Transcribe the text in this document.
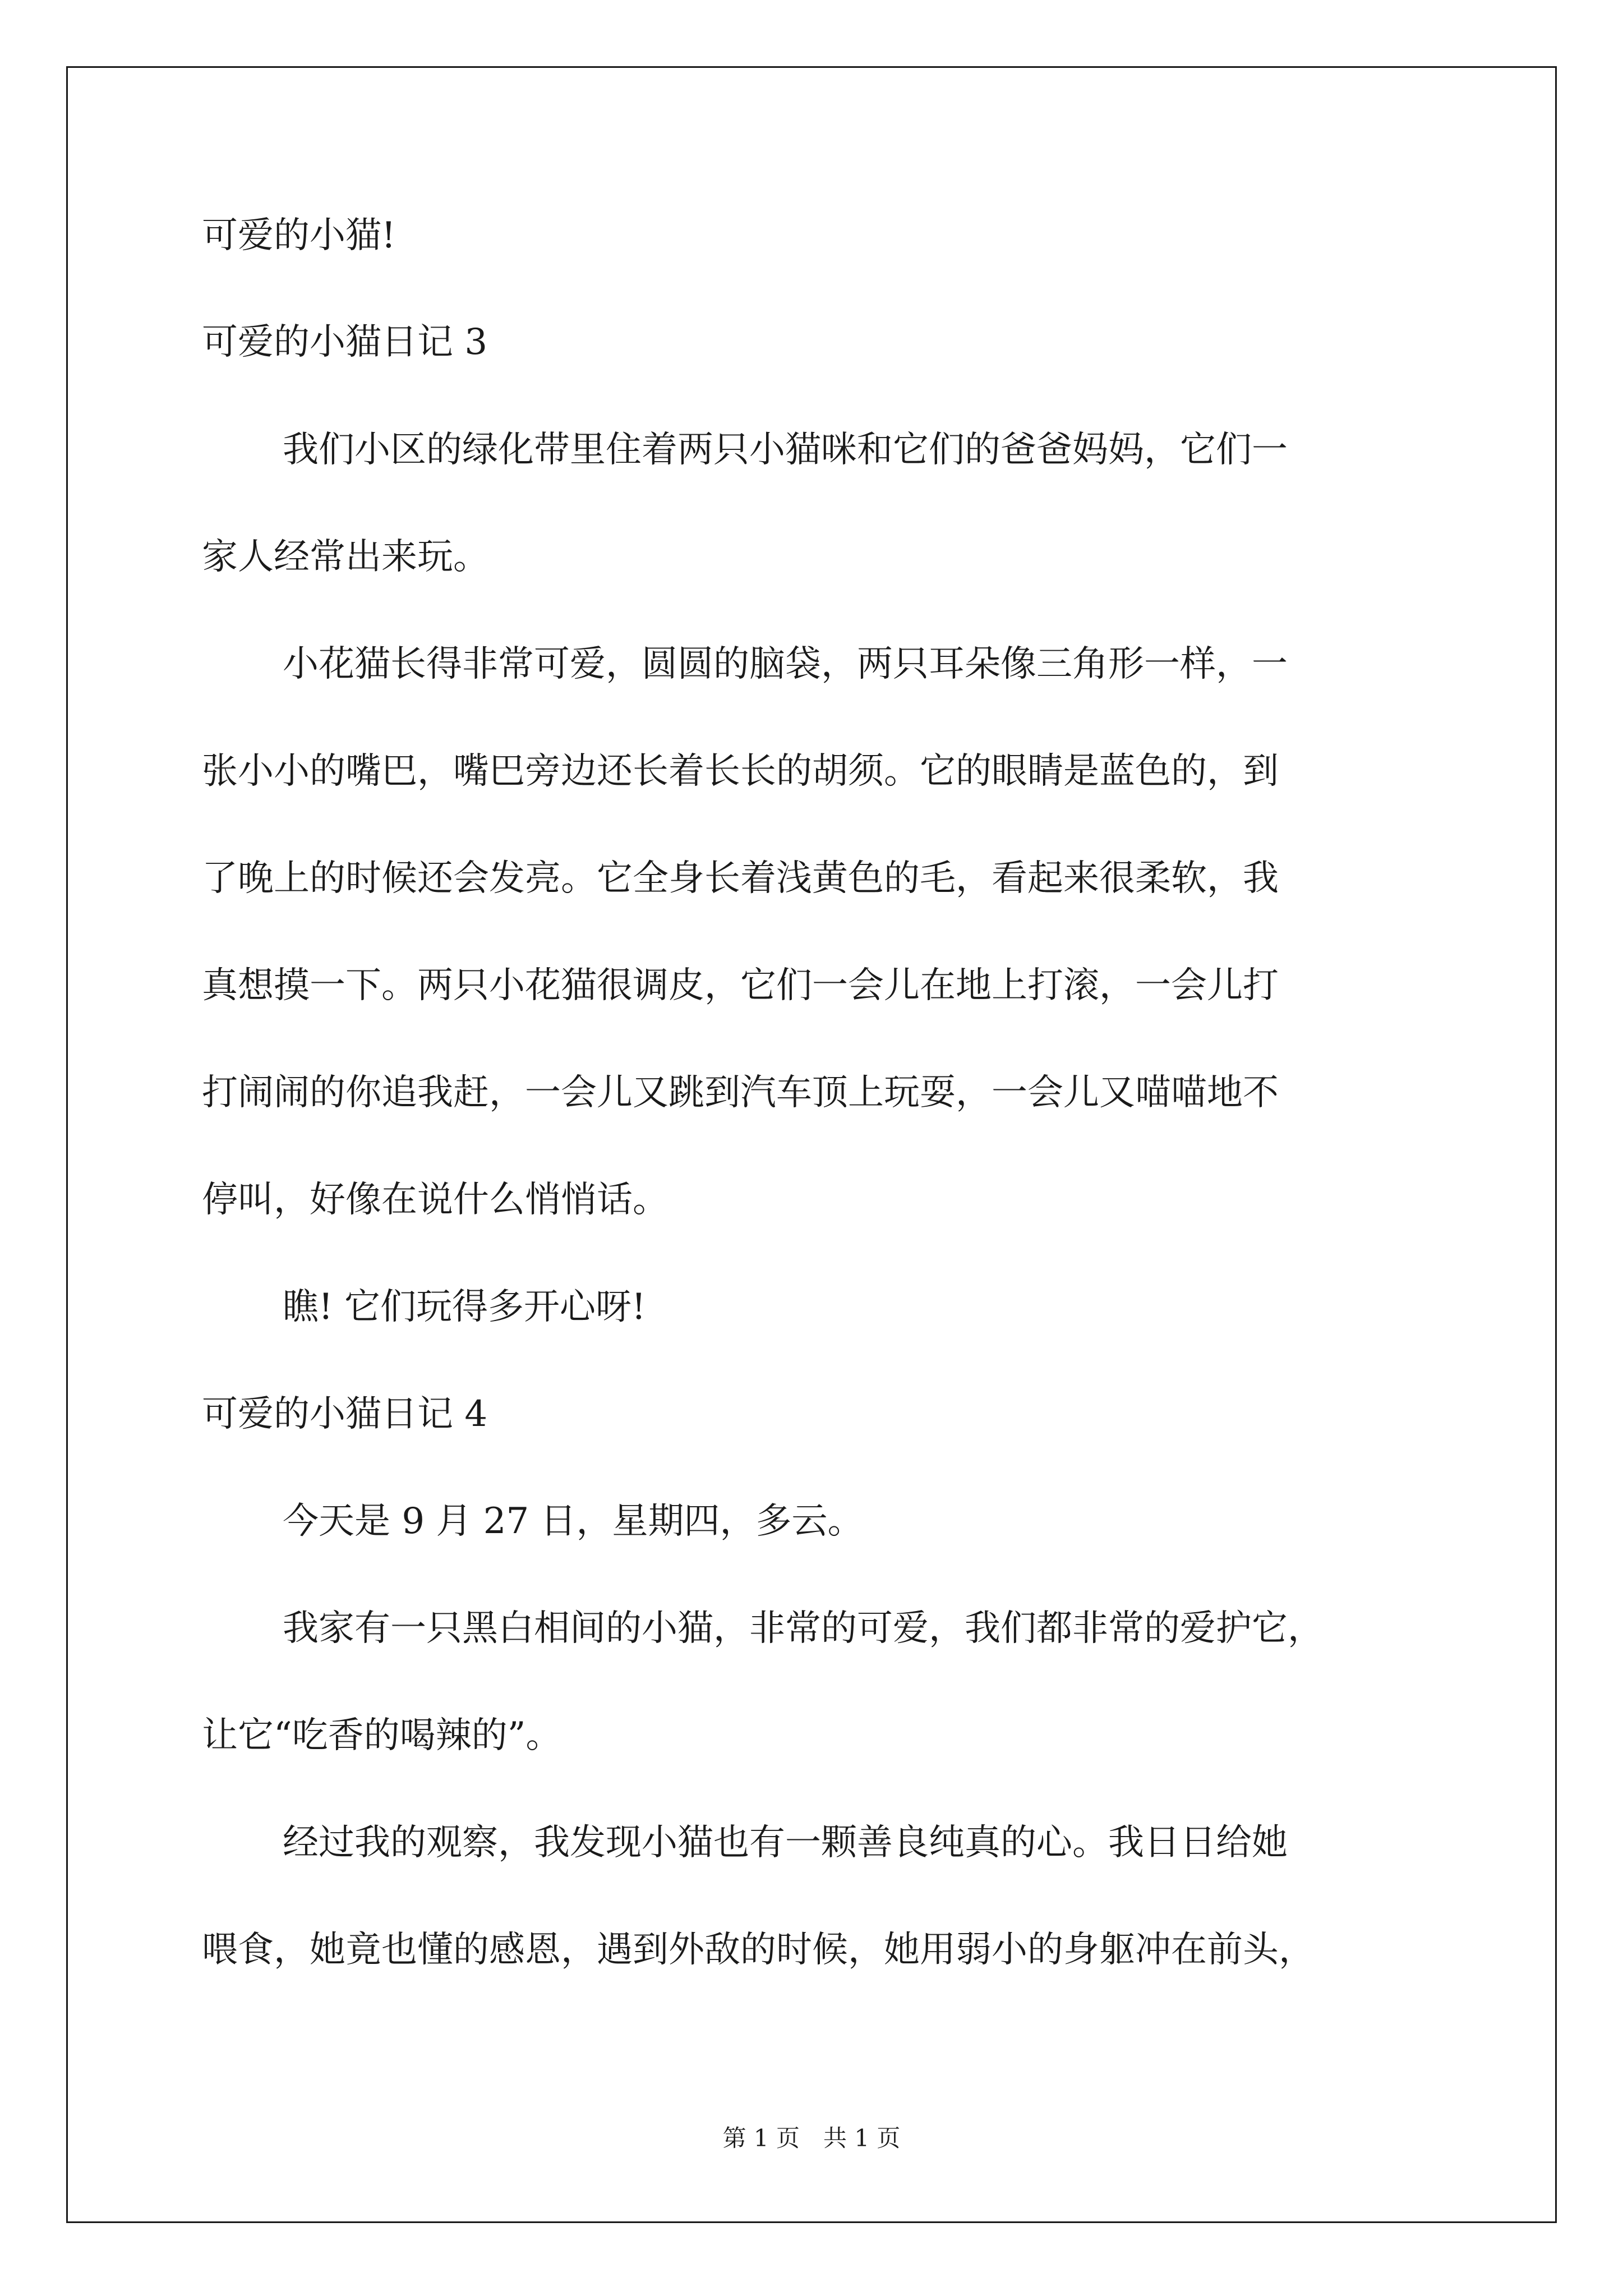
可爱的小猫!
可爱的小猫日记 3
我们小区的绿化带里住着两只小猫咪和它们的爸爸妈妈，它们一
家人经常出来玩。
小花猫长得非常可爱，圆圆的脑袋，两只耳朵像三角形一样，一
张小小的嘴巴，嘴巴旁边还长着长长的胡须。它的眼睛是蓝色的，到
了晚上的时候还会发亮。它全身长着浅黄色的毛，看起来很柔软，我
真想摸一下。两只小花猫很调皮，它们一会儿在地上打滚，一会儿打
打闹闹的你追我赶，一会儿又跳到汽车顶上玩耍，一会儿又喵喵地不
停叫，好像在说什么悄悄话。
瞧! 它们玩得多开心呀!
可爱的小猫日记 4
今天是 9 月 27 日，星期四，多云。
我家有一只黑白相间的小猫，非常的可爱，我们都非常的爱护它，
让它“吃香的喝辣的”。
经过我的观察，我发现小猫也有一颗善良纯真的心。我日日给她
喂食，她竟也懂的感恩，遇到外敌的时候，她用弱小的身躯冲在前头，
第 1 页　共 1 页
